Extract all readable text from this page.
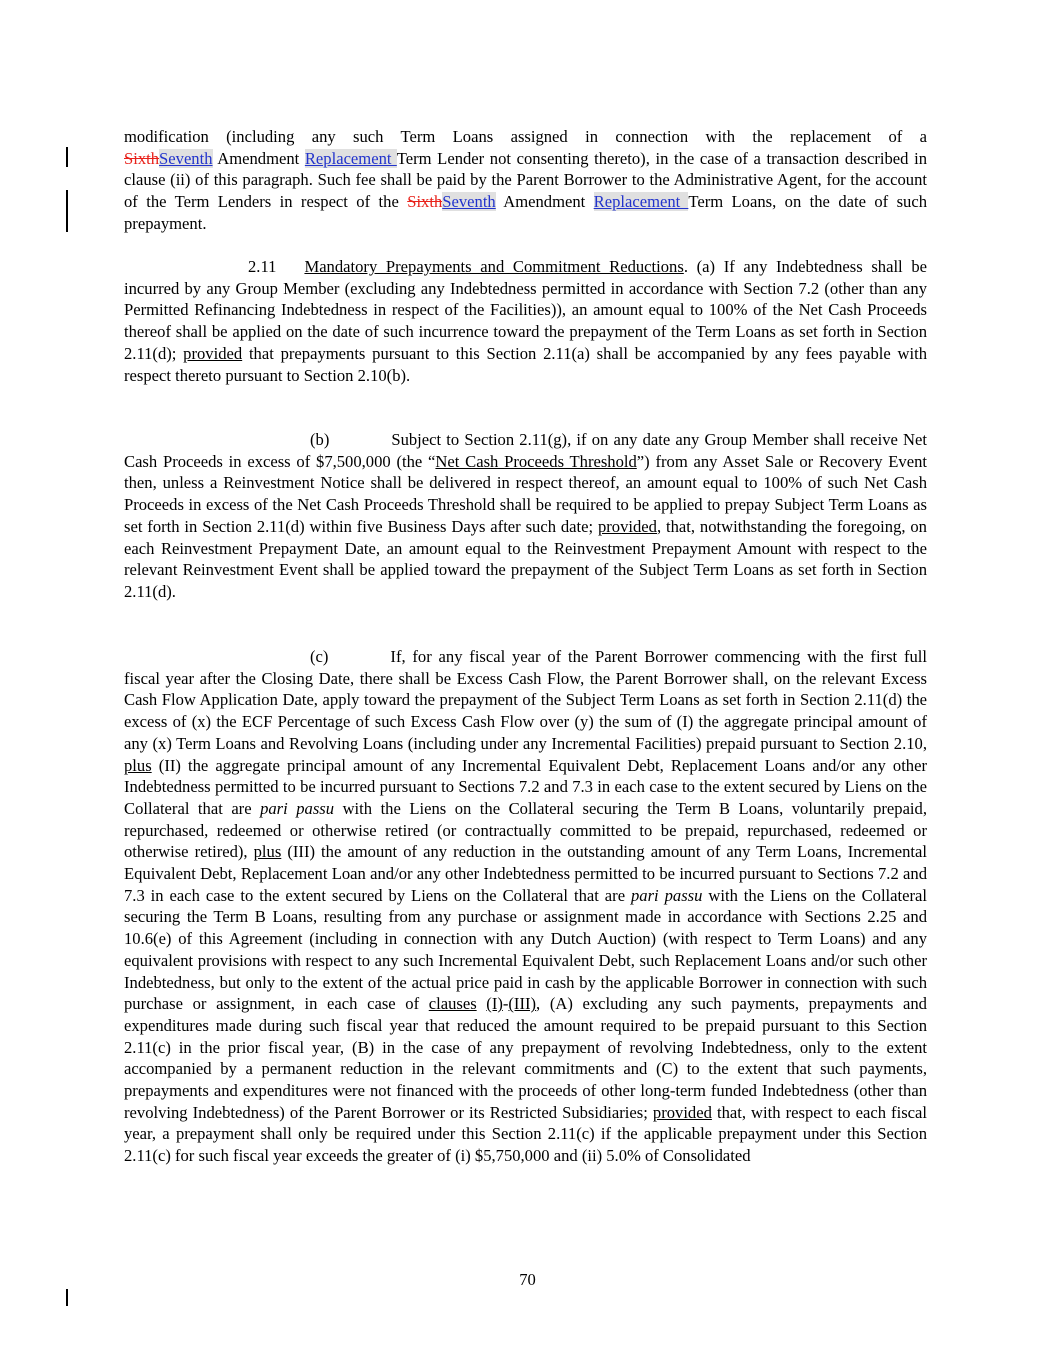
modification (including any such Term Loans assigned in connection with the replacement of a
SixthSeventh Amendment Replacement Term Lender not consenting thereto), in the case of a transaction described in clause (ii) of this paragraph. Such fee shall be paid by the Parent Borrower to the Administrative Agent, for the account of the Term Lenders in respect of the SixthSeventh Amendment Replacement Term Loans, on the date of such prepayment.

2.11 Mandatory Prepayments and Commitment Reductions. (a) If any Indebtedness shall be incurred by any Group Member (excluding any Indebtedness permitted in accordance with Section 7.2 (other than any Permitted Refinancing Indebtedness in respect of the Facilities)), an amount equal to 100% of the Net Cash Proceeds thereof shall be applied on the date of such incurrence toward the prepayment of the Term Loans as set forth in Section 2.11(d); provided that prepayments pursuant to this Section 2.11(a) shall be accompanied by any fees payable with respect thereto pursuant to Section 2.10(b).

(b)	Subject to Section 2.11(g), if on any date any Group Member shall receive Net Cash Proceeds in excess of $7,500,000 (the “Net Cash Proceeds Threshold”) from any Asset Sale or Recovery Event then, unless a Reinvestment Notice shall be delivered in respect thereof, an amount equal to 100% of such Net Cash Proceeds in excess of the Net Cash Proceeds Threshold shall be required to be applied to prepay Subject Term Loans as set forth in Section 2.11(d) within five Business Days after such date; provided, that, notwithstanding the foregoing, on each Reinvestment Prepayment Date, an amount equal to the Reinvestment Prepayment Amount with respect to the relevant Reinvestment Event shall be applied toward the prepayment of the Subject Term Loans as set forth in Section 2.11(d).

(c)	If, for any fiscal year of the Parent Borrower commencing with the first full fiscal year after the Closing Date, there shall be Excess Cash Flow, the Parent Borrower shall, on the relevant Excess Cash Flow Application Date, apply toward the prepayment of the Subject Term Loans as set forth in Section 2.11(d) the excess of (x) the ECF Percentage of such Excess Cash Flow over (y) the sum of (I) the aggregate principal amount of any (x) Term Loans and Revolving Loans (including under any Incremental Facilities) prepaid pursuant to Section 2.10, plus (II) the aggregate principal amount of any Incremental Equivalent Debt, Replacement Loans and/or any other Indebtedness permitted to be incurred pursuant to Sections 7.2 and 7.3 in each case to the extent secured by Liens on the Collateral that are pari passu with the Liens on the Collateral securing the Term B Loans, voluntarily prepaid, repurchased, redeemed or otherwise retired (or contractually committed to be prepaid, repurchased, redeemed or otherwise retired), plus (III) the amount of any reduction in the outstanding amount of any Term Loans, Incremental Equivalent Debt, Replacement Loan and/or any other Indebtedness permitted to be incurred pursuant to Sections 7.2 and 7.3 in each case to the extent secured by Liens on the Collateral that are pari passu with the Liens on the Collateral securing the Term B Loans, resulting from any purchase or assignment made in accordance with Sections 2.25 and 10.6(e) of this Agreement (including in connection with any Dutch Auction) (with respect to Term Loans) and any equivalent provisions with respect to any such Incremental Equivalent Debt, such Replacement Loans and/or such other Indebtedness, but only to the extent of the actual price paid in cash by the applicable Borrower in connection with such purchase or assignment, in each case of clauses (I)-(III), (A) excluding any such payments, prepayments and expenditures made during such fiscal year that reduced the amount required to be prepaid pursuant to this Section 2.11(c) in the prior fiscal year, (B) in the case of any prepayment of revolving Indebtedness, only to the extent accompanied by a permanent reduction in the relevant commitments and (C) to the extent that such payments, prepayments and expenditures were not financed with the proceeds of other long-term funded Indebtedness (other than revolving Indebtedness) of the Parent Borrower or its Restricted Subsidiaries; provided that, with respect to each fiscal year, a prepayment shall only be required under this Section 2.11(c) if the applicable prepayment under this Section 2.11(c) for such fiscal year exceeds the greater of (i) $5,750,000 and (ii) 5.0% of Consolidated

70
